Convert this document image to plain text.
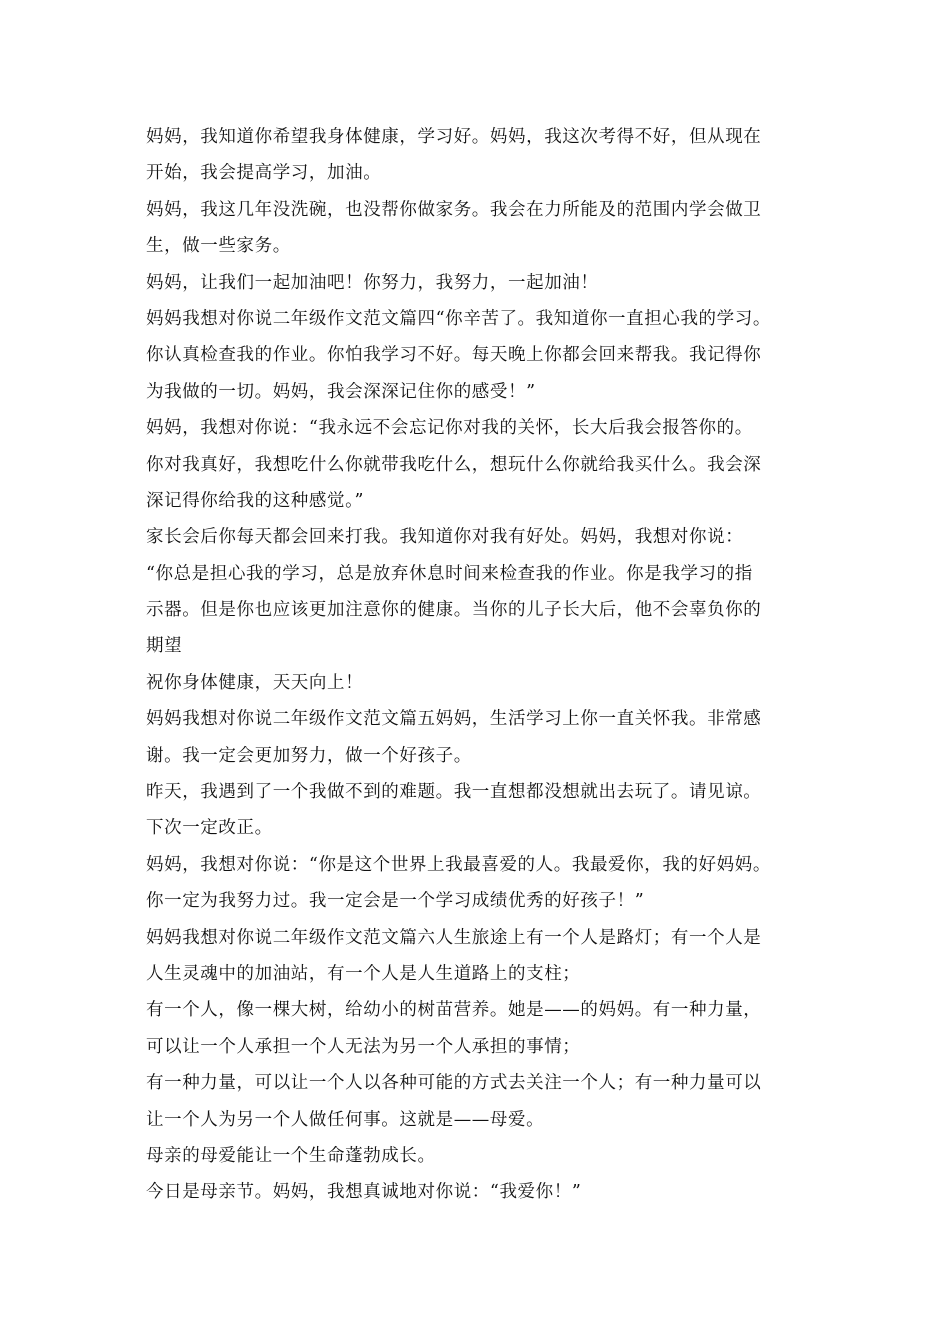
妈妈，我知道你希望我身体健康，学习好。妈妈，我这次考得不好，但从现在
开始，我会提高学习，加油。
妈妈，我这几年没洗碗，也没帮你做家务。我会在力所能及的范围内学会做卫
生，做一些家务。
妈妈，让我们一起加油吧！你努力，我努力，一起加油！
妈妈我想对你说二年级作文范文篇四“你辛苦了。我知道你一直担心我的学习。
你认真检查我的作业。你怕我学习不好。每天晚上你都会回来帮我。我记得你
为我做的一切。妈妈，我会深深记住你的感受！”
妈妈，我想对你说：“我永远不会忘记你对我的关怀，长大后我会报答你的。
你对我真好，我想吃什么你就带我吃什么，想玩什么你就给我买什么。我会深
深记得你给我的这种感觉。”
家长会后你每天都会回来打我。我知道你对我有好处。妈妈，我想对你说：
“你总是担心我的学习，总是放弃休息时间来检查我的作业。你是我学习的指
示器。但是你也应该更加注意你的健康。当你的儿子长大后，他不会辜负你的
期望
祝你身体健康，天天向上！
妈妈我想对你说二年级作文范文篇五妈妈，生活学习上你一直关怀我。非常感
谢。我一定会更加努力，做一个好孩子。
昨天，我遇到了一个我做不到的难题。我一直想都没想就出去玩了。请见谅。
下次一定改正。
妈妈，我想对你说：“你是这个世界上我最喜爱的人。我最爱你，我的好妈妈。
你一定为我努力过。我一定会是一个学习成绩优秀的好孩子！”
妈妈我想对你说二年级作文范文篇六人生旅途上有一个人是路灯；有一个人是
人生灵魂中的加油站，有一个人是人生道路上的支柱；
有一个人，像一棵大树，给幼小的树苗营养。她是——的妈妈。有一种力量，
可以让一个人承担一个人无法为另一个人承担的事情；
有一种力量，可以让一个人以各种可能的方式去关注一个人；有一种力量可以
让一个人为另一个人做任何事。这就是——母爱。
母亲的母爱能让一个生命蓬勃成长。
今日是母亲节。妈妈，我想真诚地对你说：“我爱你！”
